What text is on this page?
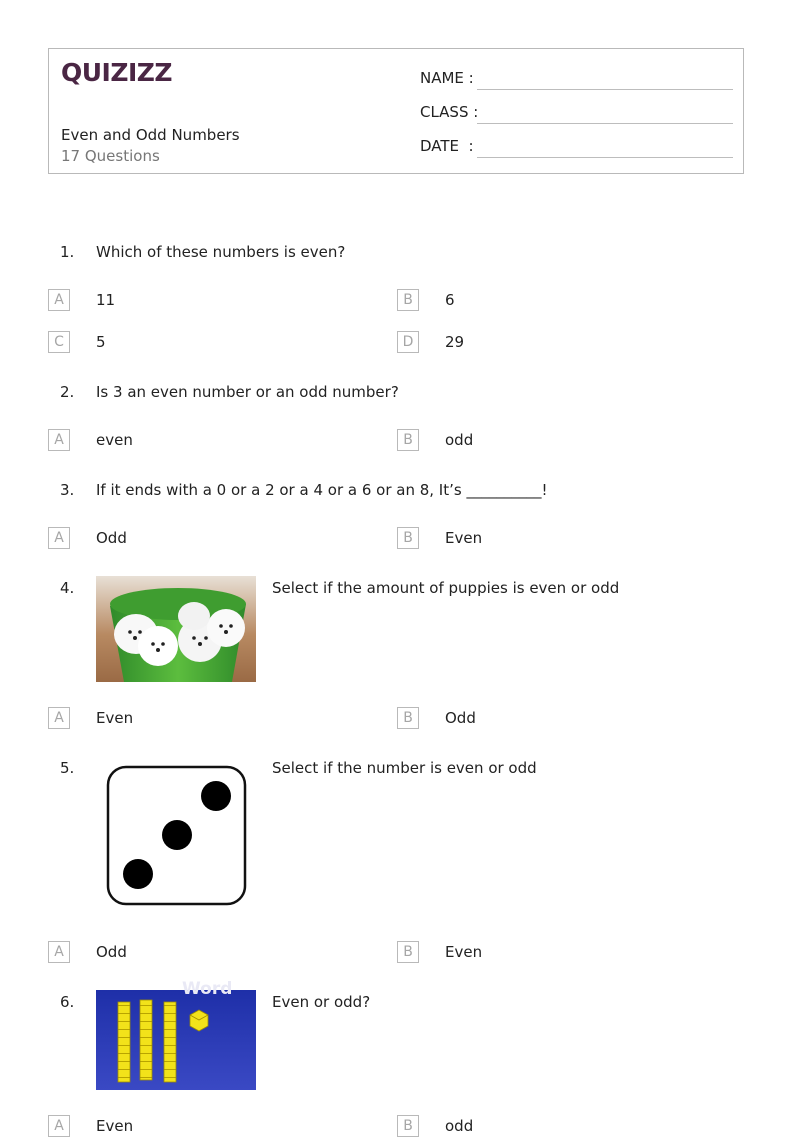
QUIZIZZ
Even and Odd Numbers
17 Questions
NAME :
CLASS :
DATE  :
1. Which of these numbers is even?
A	11	B	6
C	5	D	29
2. Is 3 an even number or an odd number?
A	even	B	odd
3. If it ends with a 0 or a 2 or a 4 or a 6 or an 8, It’s __________!
A	Odd	B	Even
4.	Select if the amount of puppies is even or odd
A	Even	B	Odd
5.	Select if the number is even or odd
A	Odd	B	Even
6.
Word
Even or odd?
A	Even	B	odd
